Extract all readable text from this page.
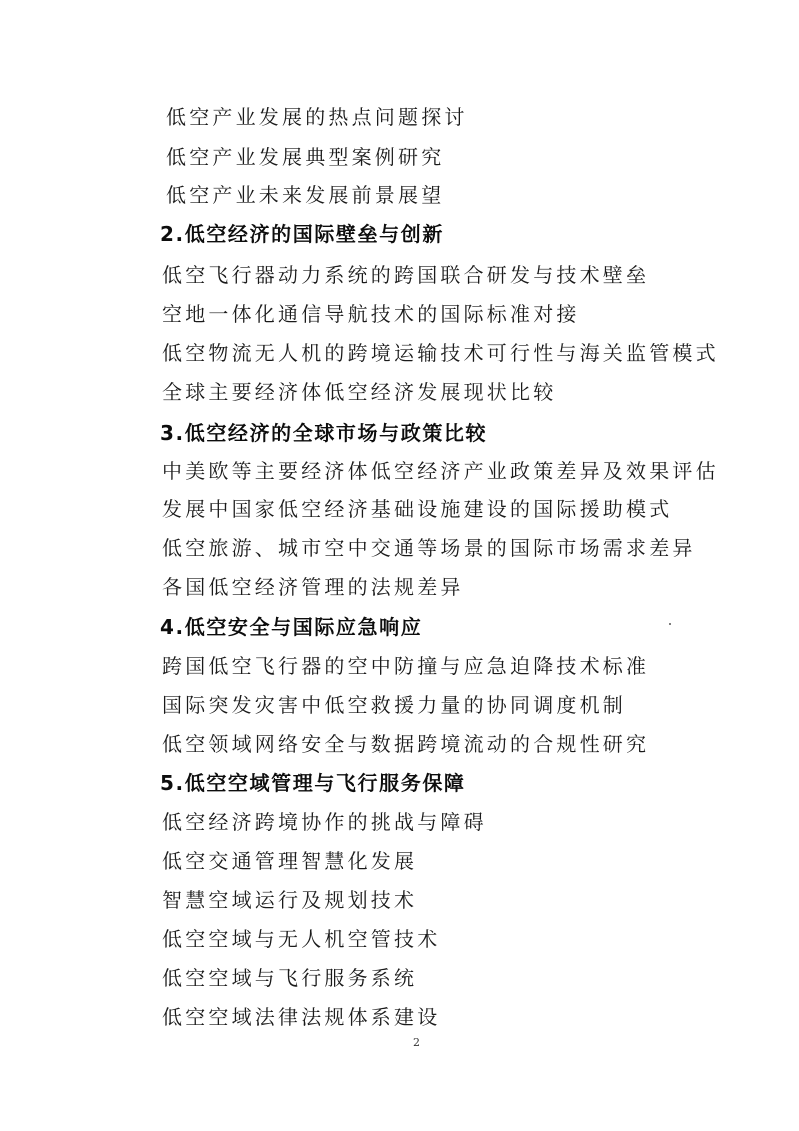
低空产业发展的热点问题探讨
低空产业发展典型案例研究
低空产业未来发展前景展望
2.低空经济的国际壁垒与创新
低空飞行器动力系统的跨国联合研发与技术壁垒
空地一体化通信导航技术的国际标准对接
低空物流无人机的跨境运输技术可行性与海关监管模式
全球主要经济体低空经济发展现状比较
3.低空经济的全球市场与政策比较
中美欧等主要经济体低空经济产业政策差异及效果评估
发展中国家低空经济基础设施建设的国际援助模式
低空旅游、城市空中交通等场景的国际市场需求差异
各国低空经济管理的法规差异
4.低空安全与国际应急响应
跨国低空飞行器的空中防撞与应急迫降技术标准
国际突发灾害中低空救援力量的协同调度机制
低空领域网络安全与数据跨境流动的合规性研究
5.低空空域管理与飞行服务保障
低空经济跨境协作的挑战与障碍
低空交通管理智慧化发展
智慧空域运行及规划技术
低空空域与无人机空管技术
低空空域与飞行服务系统
低空空域法律法规体系建设
2
